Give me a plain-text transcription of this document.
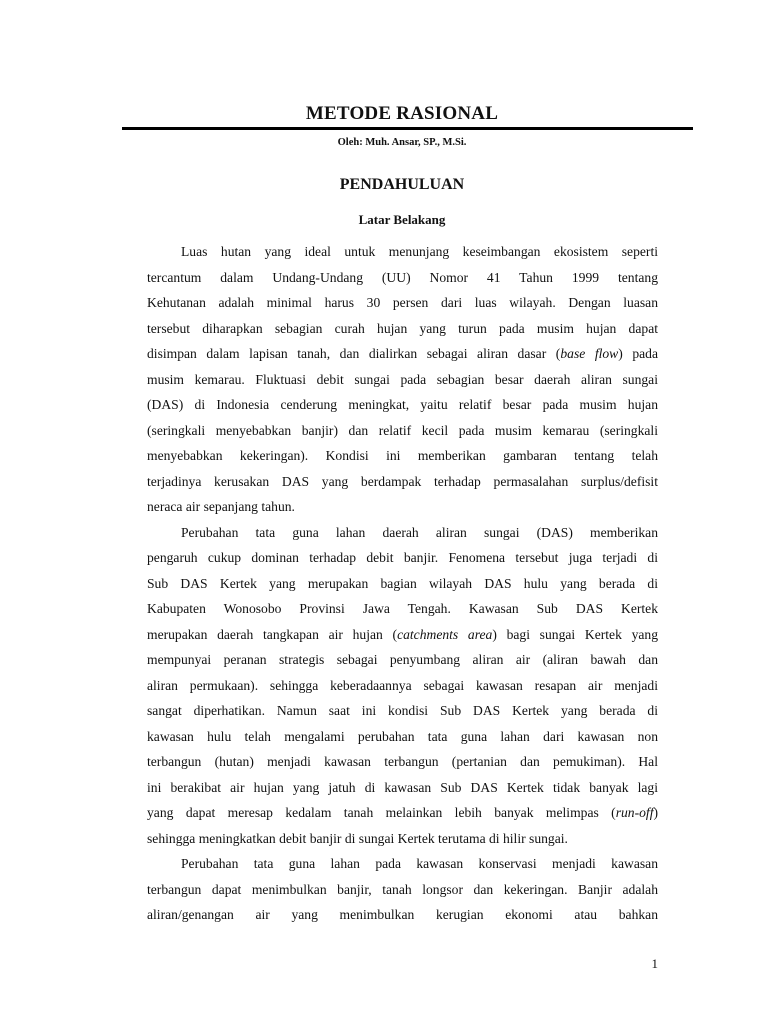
METODE RASIONAL
Oleh: Muh. Ansar, SP., M.Si.
PENDAHULUAN
Latar Belakang
Luas hutan yang ideal untuk menunjang keseimbangan ekosistem seperti
tercantum dalam Undang-Undang (UU) Nomor 41 Tahun 1999 tentang
Kehutanan adalah minimal harus 30 persen dari luas wilayah. Dengan luasan
tersebut diharapkan sebagian curah hujan yang turun pada musim hujan dapat
disimpan dalam lapisan tanah, dan dialirkan sebagai aliran dasar (base flow) pada
musim kemarau. Fluktuasi debit sungai pada sebagian besar daerah aliran sungai
(DAS) di Indonesia cenderung meningkat, yaitu relatif besar pada musim hujan
(seringkali menyebabkan banjir) dan relatif kecil pada musim kemarau (seringkali
menyebabkan kekeringan). Kondisi ini memberikan gambaran tentang telah
terjadinya kerusakan DAS yang berdampak terhadap permasalahan surplus/defisit
neraca air sepanjang tahun.
Perubahan tata guna lahan daerah aliran sungai (DAS) memberikan
pengaruh cukup dominan terhadap debit banjir. Fenomena tersebut juga terjadi di
Sub DAS Kertek yang merupakan bagian wilayah DAS hulu yang berada di
Kabupaten Wonosobo Provinsi Jawa Tengah. Kawasan Sub DAS Kertek
merupakan daerah tangkapan air hujan (catchments area) bagi sungai Kertek yang
mempunyai peranan strategis sebagai penyumbang aliran air (aliran bawah dan
aliran permukaan). sehingga keberadaannya sebagai kawasan resapan air menjadi
sangat diperhatikan. Namun saat ini kondisi Sub DAS Kertek yang berada di
kawasan hulu telah mengalami perubahan tata guna lahan dari kawasan non
terbangun (hutan) menjadi kawasan terbangun (pertanian dan pemukiman). Hal
ini berakibat air hujan yang jatuh di kawasan Sub DAS Kertek tidak banyak lagi
yang dapat meresap kedalam tanah melainkan lebih banyak melimpas (run-off)
sehingga meningkatkan debit banjir di sungai Kertek terutama di hilir sungai.
Perubahan tata guna lahan pada kawasan konservasi menjadi kawasan
terbangun dapat menimbulkan banjir, tanah longsor dan kekeringan. Banjir adalah
aliran/genangan air yang menimbulkan kerugian ekonomi atau bahkan
1
